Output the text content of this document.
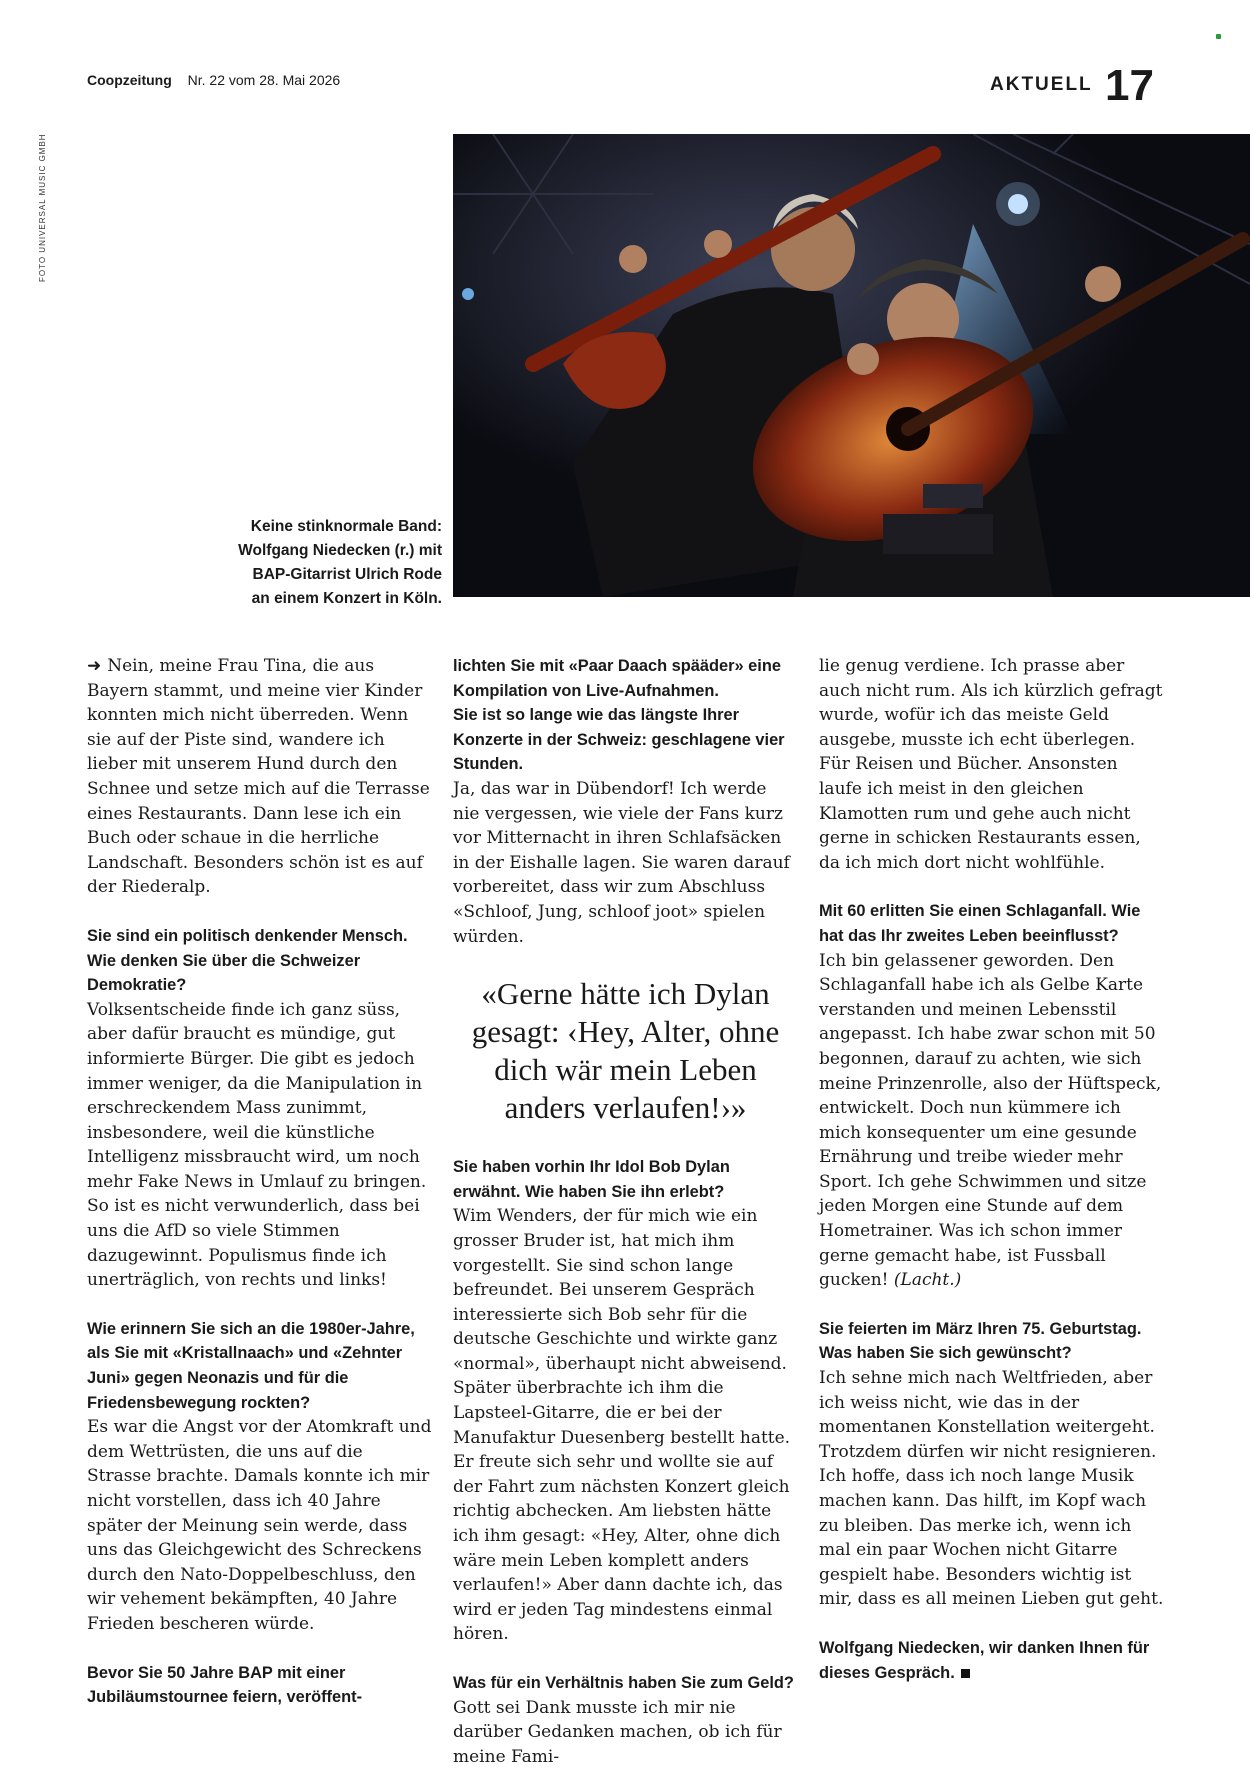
Coopzeitung Nr. 22 vom 28. Mai 2026	AKTUELL 17
FOTO UNIVERSAL MUSIC GMBH
Keine stinknormale Band:
Wolfgang Niedecken (r.) mit
BAP-Gitarrist Ulrich Rode
an einem Konzert in Köln.

➜ Nein, meine Frau Tina, die aus Bayern stammt, und meine vier Kinder konnten mich nicht überreden. Wenn sie auf der Piste sind, wandere ich lieber mit unserem Hund durch den Schnee und setze mich auf die Terrasse eines Restaurants. Dann lese ich ein Buch oder schaue in die herrliche Landschaft. Besonders schön ist es auf der Riederalp.

Sie sind ein politisch denkender Mensch. Wie denken Sie über die Schweizer Demokratie?

Volksentscheide finde ich ganz süss, aber dafür braucht es mündige, gut informierte Bürger. Die gibt es jedoch immer weniger, da die Manipulation in erschreckendem Mass zunimmt, insbesondere, weil die künstliche Intelligenz missbraucht wird, um noch mehr Fake News in Umlauf zu bringen. So ist es nicht verwunderlich, dass bei uns die AfD so viele Stimmen dazugewinnt. Populismus finde ich unerträglich, von rechts und links!

Wie erinnern Sie sich an die 1980er-Jahre, als Sie mit «Kristallnaach» und «Zehnter Juni» gegen Neonazis und für die Friedensbewegung rockten?

Es war die Angst vor der Atomkraft und dem Wettrüsten, die uns auf die Strasse brachte. Damals konnte ich mir nicht vorstellen, dass ich 40 Jahre später der Meinung sein werde, dass uns das Gleichgewicht des Schreckens durch den Nato-Doppelbeschluss, den wir vehement bekämpften, 40 Jahre Frieden bescheren würde.

Bevor Sie 50 Jahre BAP mit einer Jubiläumstournee feiern, veröffent-

lichten Sie mit «Paar Daach spääder» eine Kompilation von Live-Aufnahmen.

Sie ist so lange wie das längste Ihrer Konzerte in der Schweiz: geschlagene vier Stunden.

Ja, das war in Dübendorf! Ich werde nie vergessen, wie viele der Fans kurz vor Mitternacht in ihren Schlafsäcken in der Eishalle lagen. Sie waren darauf vorbereitet, dass wir zum Abschluss «Schloof, Jung, schloof joot» spielen würden.

«Gerne hätte ich Dylan gesagt: ‹Hey, Alter, ohne dich wär mein Leben anders verlaufen!›»

Sie haben vorhin Ihr Idol Bob Dylan erwähnt. Wie haben Sie ihn erlebt?

Wim Wenders, der für mich wie ein grosser Bruder ist, hat mich ihm vorgestellt. Sie sind schon lange befreundet. Bei unserem Gespräch interessierte sich Bob sehr für die deutsche Geschichte und wirkte ganz «normal», überhaupt nicht abweisend. Später überbrachte ich ihm die Lapsteel-Gitarre, die er bei der Manufaktur Duesenberg bestellt hatte. Er freute sich sehr und wollte sie auf der Fahrt zum nächsten Konzert gleich richtig abchecken. Am liebsten hätte ich ihm gesagt: «Hey, Alter, ohne dich wäre mein Leben komplett anders verlaufen!» Aber dann dachte ich, das wird er jeden Tag mindestens einmal hören.

Was für ein Verhältnis haben Sie zum Geld?

Gott sei Dank musste ich mir nie darüber Gedanken machen, ob ich für meine Fami-

lie genug verdiene. Ich prasse aber auch nicht rum. Als ich kürzlich gefragt wurde, wofür ich das meiste Geld ausgebe, musste ich echt überlegen. Für Reisen und Bücher. Ansonsten laufe ich meist in den gleichen Klamotten rum und gehe auch nicht gerne in schicken Restaurants essen, da ich mich dort nicht wohlfühle.

Mit 60 erlitten Sie einen Schlaganfall. Wie hat das Ihr zweites Leben beeinflusst?

Ich bin gelassener geworden. Den Schlaganfall habe ich als Gelbe Karte verstanden und meinen Lebensstil angepasst. Ich habe zwar schon mit 50 begonnen, darauf zu achten, wie sich meine Prinzenrolle, also der Hüftspeck, entwickelt. Doch nun kümmere ich mich konsequenter um eine gesunde Ernährung und treibe wieder mehr Sport. Ich gehe Schwimmen und sitze jeden Morgen eine Stunde auf dem Hometrainer. Was ich schon immer gerne gemacht habe, ist Fussball gucken! (Lacht.)

Sie feierten im März Ihren 75. Geburtstag. Was haben Sie sich gewünscht?

Ich sehne mich nach Weltfrieden, aber ich weiss nicht, wie das in der momentanen Konstellation weitergeht. Trotzdem dürfen wir nicht resignieren. Ich hoffe, dass ich noch lange Musik machen kann. Das hilft, im Kopf wach zu bleiben. Das merke ich, wenn ich mal ein paar Wochen nicht Gitarre gespielt habe. Besonders wichtig ist mir, dass es all meinen Lieben gut geht.

Wolfgang Niedecken, wir danken Ihnen für dieses Gespräch.
